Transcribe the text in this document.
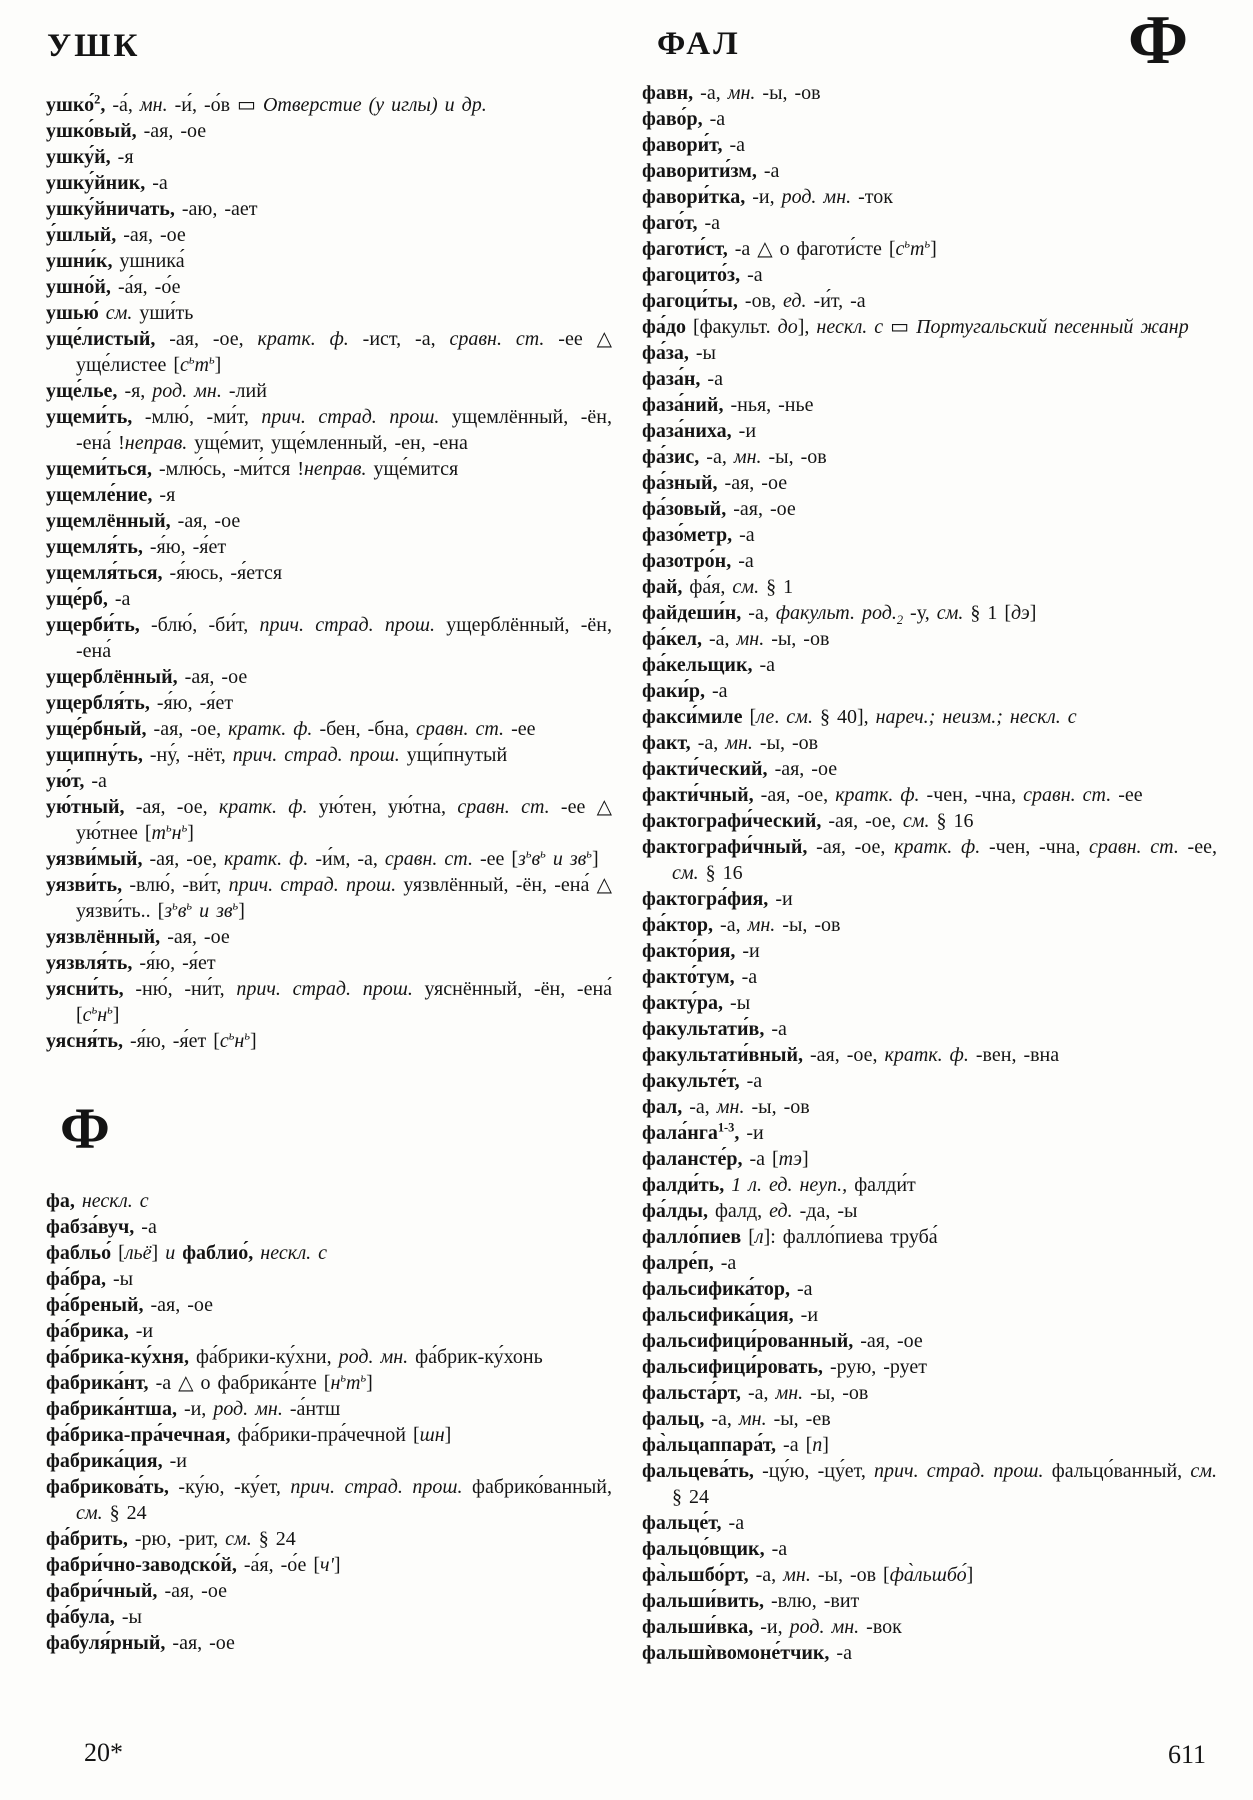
УШК	ФАЛ	Ф

ушко́$^2$, -а́, мн. -и́, -о́в ▭ Отверстие (у иглы) и др.

ушко́вый, -ая, -ое

ушку́й, -я

ушку́йник, -а

ушку́йничать, -аю, -ает

у́шлый, -ая, -ое

ушни́к, ушника́

ушно́й, -а́я, -о́е

ушью́ см. уши́ть

уще́листый, -ая, -ое, кратк. ф. -ист, -а, сравн. ст. -ее △ уще́листее $[с^ьт^ь]$

уще́лье, -я, род. мн. -лий

ущеми́ть, -млю́, -ми́т, прич. страд. прош. ущемлённый, -ён, -ена́ !неправ. уще́мит, уще́мленный, -ен, -ена

ущеми́ться, -млю́сь, -ми́тся !неправ. уще́мится

ущемле́ние, -я

ущемлённый, -ая, -ое

ущемля́ть, -я́ю, -я́ет

ущемля́ться, -я́юсь, -я́ется

уще́рб, -а

ущерби́ть, -блю́, -би́т, прич. страд. прош. ущерблённый, -ён, -ена́

ущерблённый, -ая, -ое

ущербля́ть, -я́ю, -я́ет

уще́рбный, -ая, -ое, кратк. ф. -бен, -бна, сравн. ст. -ее

ущипну́ть, -ну́, -нёт, прич. страд. прош. ущи́пнутый

ую́т, -а

ую́тный, -ая, -ое, кратк. ф. ую́тен, ую́тна, сравн. ст. -ее △ ую́тнее $[т^ьн^ь]$

уязви́мый, -ая, -ое, кратк. ф. -и́м, -а, сравн. ст. -ее [$з^ьв^ь$ и $зв^ь$]

уязви́ть, -влю́, -ви́т, прич. страд. прош. уязвлённый, -ён, -ена́ △ уязви́ть.. [$з^ьв^ь$ и $зв^ь$]

уязвлённый, -ая, -ое

уязвля́ть, -я́ю, -я́ет

уясни́ть, -ню́, -ни́т, прич. страд. прош. уяснённый, -ён, -ена́ $[с^ьн^ь]$

уясня́ть, -я́ю, -я́ет $[с^ьн^ь]$

Ф

фа, нескл. с

фабза́вуч, -а

фабльо́ [льё] и фаблио́, нескл. с

фа́бра, -ы

фа́бреный, -ая, -ое

фа́брика, -и

фа́брика-ку́хня, фа́брики-ку́хни, род. мн. фа́брик-ку́хонь

фабрика́нт, -а △ о фабрика́нте $[н^ьт^ь]$

фабрика́нтша, -и, род. мн. -а́нтш

фа́брика-пра́чечная, фа́брики-пра́чечной [шн]

фабрика́ция, -и

фабрикова́ть, -ку́ю, -ку́ет, прич. страд. прош. фабрико́ванный, см. § 24

фа́брить, -рю, -рит, см. § 24

фабри́чно-заводско́й, -а́я, -о́е [ч']

фабри́чный, -ая, -ое

фа́була, -ы

фабуля́рный, -ая, -ое

фавн, -а, мн. -ы, -ов

фаво́р, -а

фавори́т, -а

фаворити́зм, -а

фавори́тка, -и, род. мн. -ток

фаго́т, -а

фаготи́ст, -а △ о фаготи́сте $[с^ьт^ь]$

фагоцито́з, -а

фагоци́ты, -ов, ед. -и́т, -а

фа́до [факульт. до], нескл. с ▭ Португальский песенный жанр

фа́за, -ы

фаза́н, -а

фаза́ний, -нья, -нье

фаза́ниха, -и

фа́зис, -а, мн. -ы, -ов

фа́зный, -ая, -ое

фа́зовый, -ая, -ое

фазо́метр, -а

фазотро́н, -а

фай, фа́я, см. § 1

файдеши́н, -а, факульт. $род._2$ -у, см. § 1 [дэ]

фа́кел, -а, мн. -ы, -ов

фа́кельщик, -а

факи́р, -а

факси́миле [ле. см. § 40], нареч.; неизм.; нескл. с

факт, -а, мн. -ы, -ов

факти́ческий, -ая, -ое

факти́чный, -ая, -ое, кратк. ф. -чен, -чна, сравн. ст. -ее

фактографи́ческий, -ая, -ое, см. § 16

фактографи́чный, -ая, -ое, кратк. ф. -чен, -чна, сравн. ст. -ее, см. § 16

фактогра́фия, -и

фа́ктор, -а, мн. -ы, -ов

факто́рия, -и

факто́тум, -а

факту́ра, -ы

факультати́в, -а

факультати́вный, -ая, -ое, кратк. ф. -вен, -вна

факульте́т, -а

фал, -а, мн. -ы, -ов

фала́нга$^{1-3}$, -и

фалансте́р, -а [тэ]

фалди́ть, 1 л. ед. неуп., фалди́т

фа́лды, фалд, ед. -да, -ы

фалло́пиев [л]: фалло́пиева труба́

фалре́п, -а

фальсифика́тор, -а

фальсифика́ция, -и

фальсифици́рованный, -ая, -ое

фальсифици́ровать, -рую, -рует

фальста́рт, -а, мн. -ы, -ов

фальц, -а, мн. -ы, -ев

фа̀льцаппара́т, -а [п]

фальцева́ть, -цу́ю, -цу́ет, прич. страд. прош. фальцо́ванный, см. § 24

фальце́т, -а

фальцо́вщик, -а

фа̀льшбо́рт, -а, мн. -ы, -ов [фа̀льшбо́]

фальши́вить, -влю, -вит

фальши́вка, -и, род. мн. -вок

фальшѝвомоне́тчик, -а

20*	611
